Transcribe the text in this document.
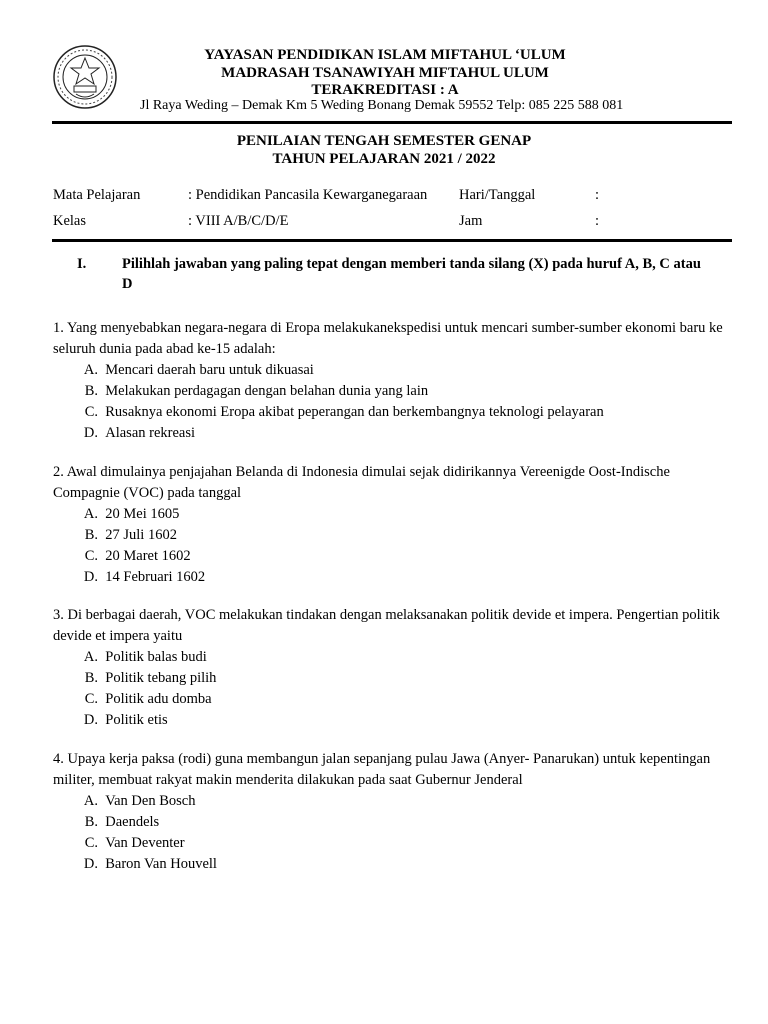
YAYASAN PENDIDIKAN ISLAM MIFTAHUL ‘ULUM
MADRASAH TSANAWIYAH MIFTAHUL ULUM
TERAKREDITASI : A
Jl Raya Weding – Demak Km 5 Weding Bonang Demak 59552 Telp: 085 225 588 081
PENILAIAN TENGAH SEMESTER GENAP
TAHUN PELAJARAN 2021 / 2022
Mata Pelajaran	: Pendidikan Pancasila Kewarganegaraan Hari/Tanggal	:
Kelas	: VIII A/B/C/D/E	Jam	:
I. Pilihlah jawaban yang paling tepat dengan memberi tanda silang (X) pada huruf A, B, C atau D

1. Yang menyebabkan negara-negara di Eropa melakukanekspedisi untuk mencari sumber-sumber ekonomi baru ke seluruh dunia pada abad ke-15 adalah:

A.
Mencari daerah baru untuk dikuasai
B.
Melakukan perdagagan dengan belahan dunia yang lain
C.
Rusaknya ekonomi Eropa akibat peperangan dan berkembangnya teknologi pelayaran
D.
Alasan rekreasi

2. Awal dimulainya penjajahan Belanda di Indonesia dimulai sejak didirikannya Vereenigde Oost-Indische Compagnie (VOC) pada tanggal

A.
20 Mei 1605
B.
27 Juli 1602
C.
20 Maret 1602
D.
14 Februari 1602

3. Di berbagai daerah, VOC melakukan tindakan dengan melaksanakan politik devide et impera. Pengertian politik devide et impera yaitu

A.
Politik balas budi
B.
Politik tebang pilih
C.
Politik adu domba
D.
Politik etis

4. Upaya kerja paksa (rodi) guna membangun jalan sepanjang pulau Jawa (Anyer- Panarukan) untuk kepentingan militer, membuat rakyat makin menderita dilakukan pada saat Gubernur Jenderal

A.
Van Den Bosch
B.
Daendels
C.
Van Deventer
D.
Baron Van Houvell
